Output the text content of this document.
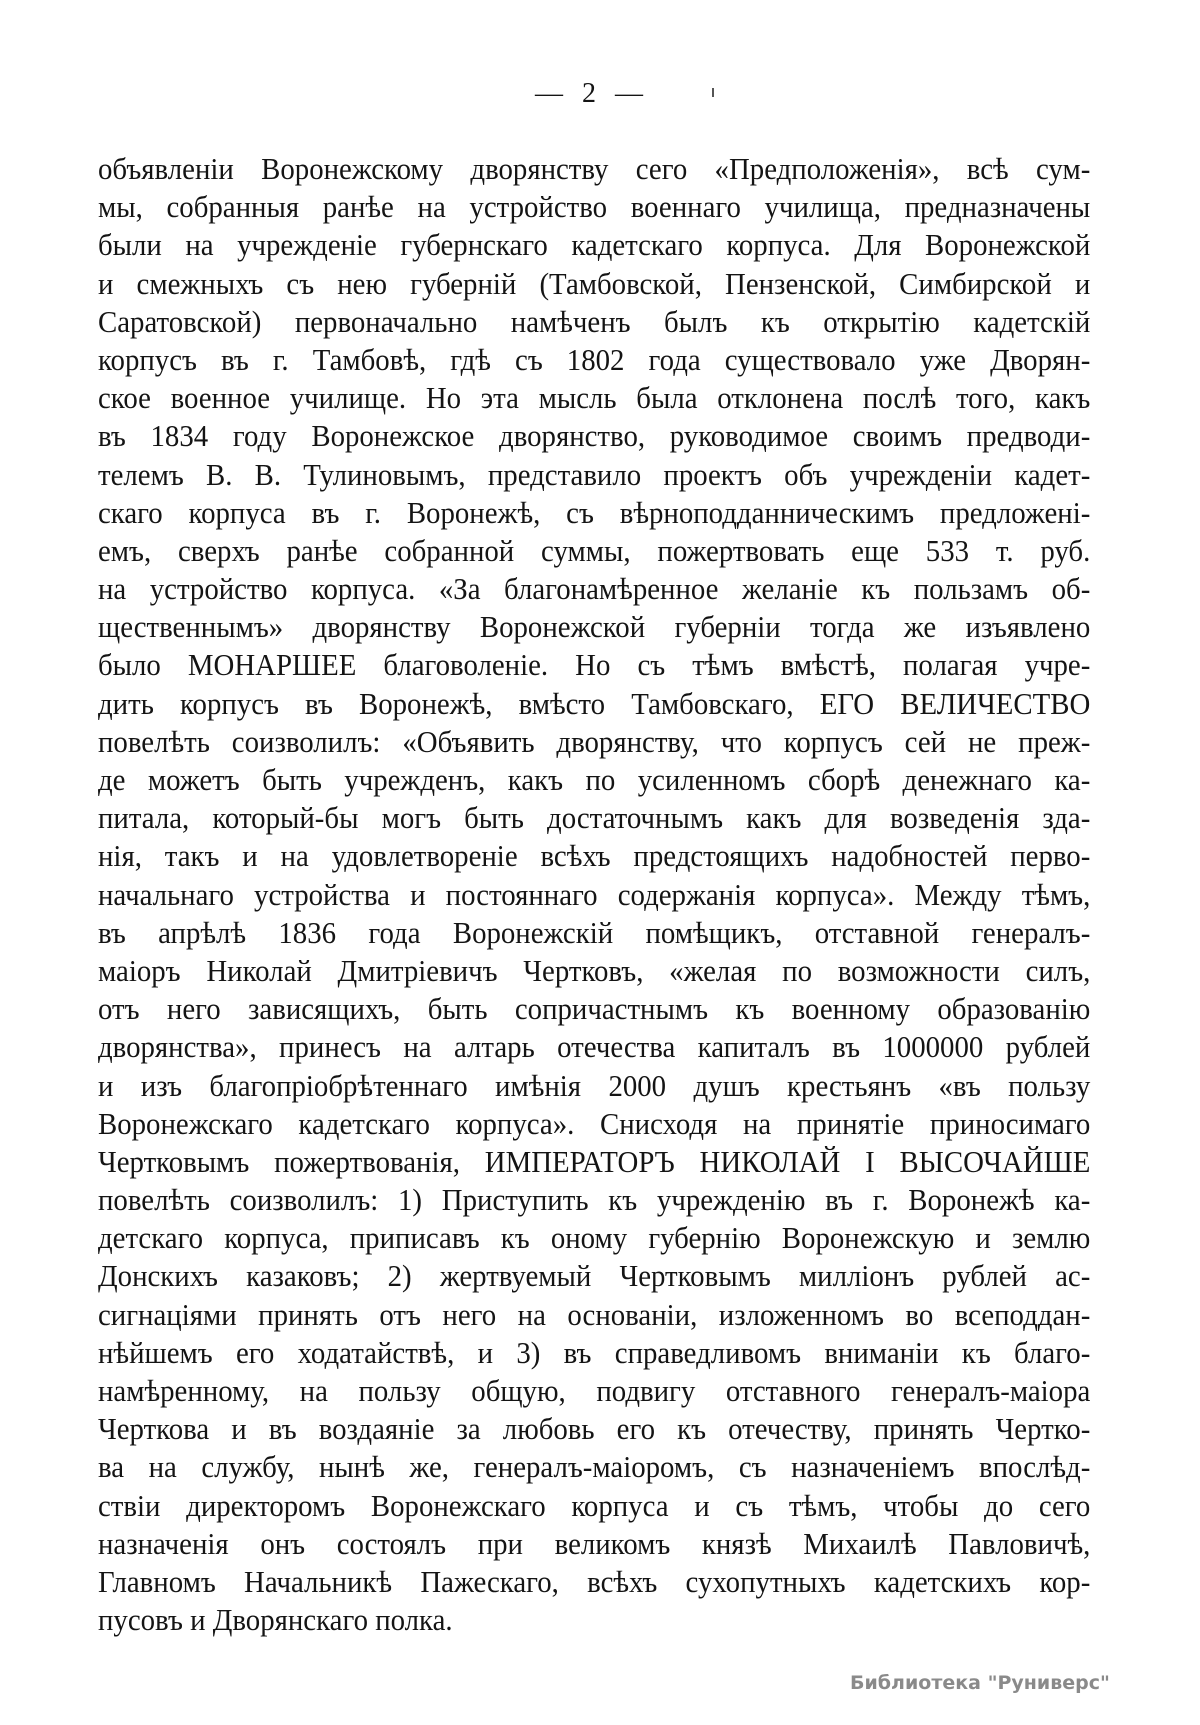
— 2 —
объявленіи Воронежскому дворянству сего «Предположенія», всѣ сум-
мы, собранныя ранѣе на устройство военнаго училища, предназначены
были на учрежденіе губернскаго кадетскаго корпуса. Для Воронежской
и смежныхъ съ нею губерній (Тамбовской, Пензенской, Симбирской и
Саратовской) первоначально намѣченъ былъ къ открытію кадетскій
корпусъ въ г. Тамбовѣ, гдѣ съ 1802 года существовало уже Дворян-
ское военное училище. Но эта мысль была отклонена послѣ того, какъ
въ 1834 году Воронежское дворянство, руководимое своимъ предводи-
телемъ В. В. Тулиновымъ, представило проектъ объ учрежденіи кадет-
скаго корпуса въ г. Воронежѣ, съ вѣрноподданническимъ предложені-
емъ, сверхъ ранѣе собранной суммы, пожертвовать еще 533 т. руб.
на устройство корпуса. «За благонамѣренное желаніе къ пользамъ об-
щественнымъ» дворянству Воронежской губерніи тогда же изъявлено
было МОНАРШЕЕ благоволеніе. Но съ тѣмъ вмѣстѣ, полагая учре-
дить корпусъ въ Воронежѣ, вмѣсто Тамбовскаго, ЕГО ВЕЛИЧЕСТВО
повелѣть соизволилъ: «Объявить дворянству, что корпусъ сей не преж-
де можетъ быть учрежденъ, какъ по усиленномъ сборѣ денежнаго ка-
питала, который-бы могъ быть достаточнымъ какъ для возведенія зда-
нія, такъ и на удовлетвореніе всѣхъ предстоящихъ надобностей перво-
начальнаго устройства и постояннаго содержанія корпуса». Между тѣмъ,
въ апрѣлѣ 1836 года Воронежскій помѣщикъ, отставной генералъ-
маіоръ Николай Дмитріевичъ Чертковъ, «желая по возможности силъ,
отъ него зависящихъ, быть сопричастнымъ къ военному образованію
дворянства», принесъ на алтарь отечества капиталъ въ 1000000 рублей
и изъ благопріобрѣтеннаго имѣнія 2000 душъ крестьянъ «въ пользу
Воронежскаго кадетскаго корпуса». Снисходя на принятіе приносимаго
Чертковымъ пожертвованія, ИМПЕРАТОРЪ НИКОЛАЙ I ВЫСОЧАЙШЕ
повелѣть соизволилъ: 1) Приступить къ учрежденію въ г. Воронежѣ ка-
детскаго корпуса, приписавъ къ оному губернію Воронежскую и землю
Донскихъ казаковъ; 2) жертвуемый Чертковымъ милліонъ рублей ас-
сигнаціями принять отъ него на основаніи, изложенномъ во всеподдан-
нѣйшемъ его ходатайствѣ, и 3) въ справедливомъ вниманіи къ благо-
намѣренному, на пользу общую, подвигу отставного генералъ-маіора
Черткова и въ воздаяніе за любовь его къ отечеству, принять Чертко-
ва на службу, нынѣ же, генералъ-маіоромъ, съ назначеніемъ впослѣд-
ствіи директоромъ Воронежскаго корпуса и съ тѣмъ, чтобы до сего
назначенія онъ состоялъ при великомъ князѣ Михаилѣ Павловичѣ,
Главномъ Начальникѣ Пажескаго, всѣхъ сухопутныхъ кадетскихъ кор-
пусовъ и Дворянскаго полка.
Библиотека "Руниверс"
